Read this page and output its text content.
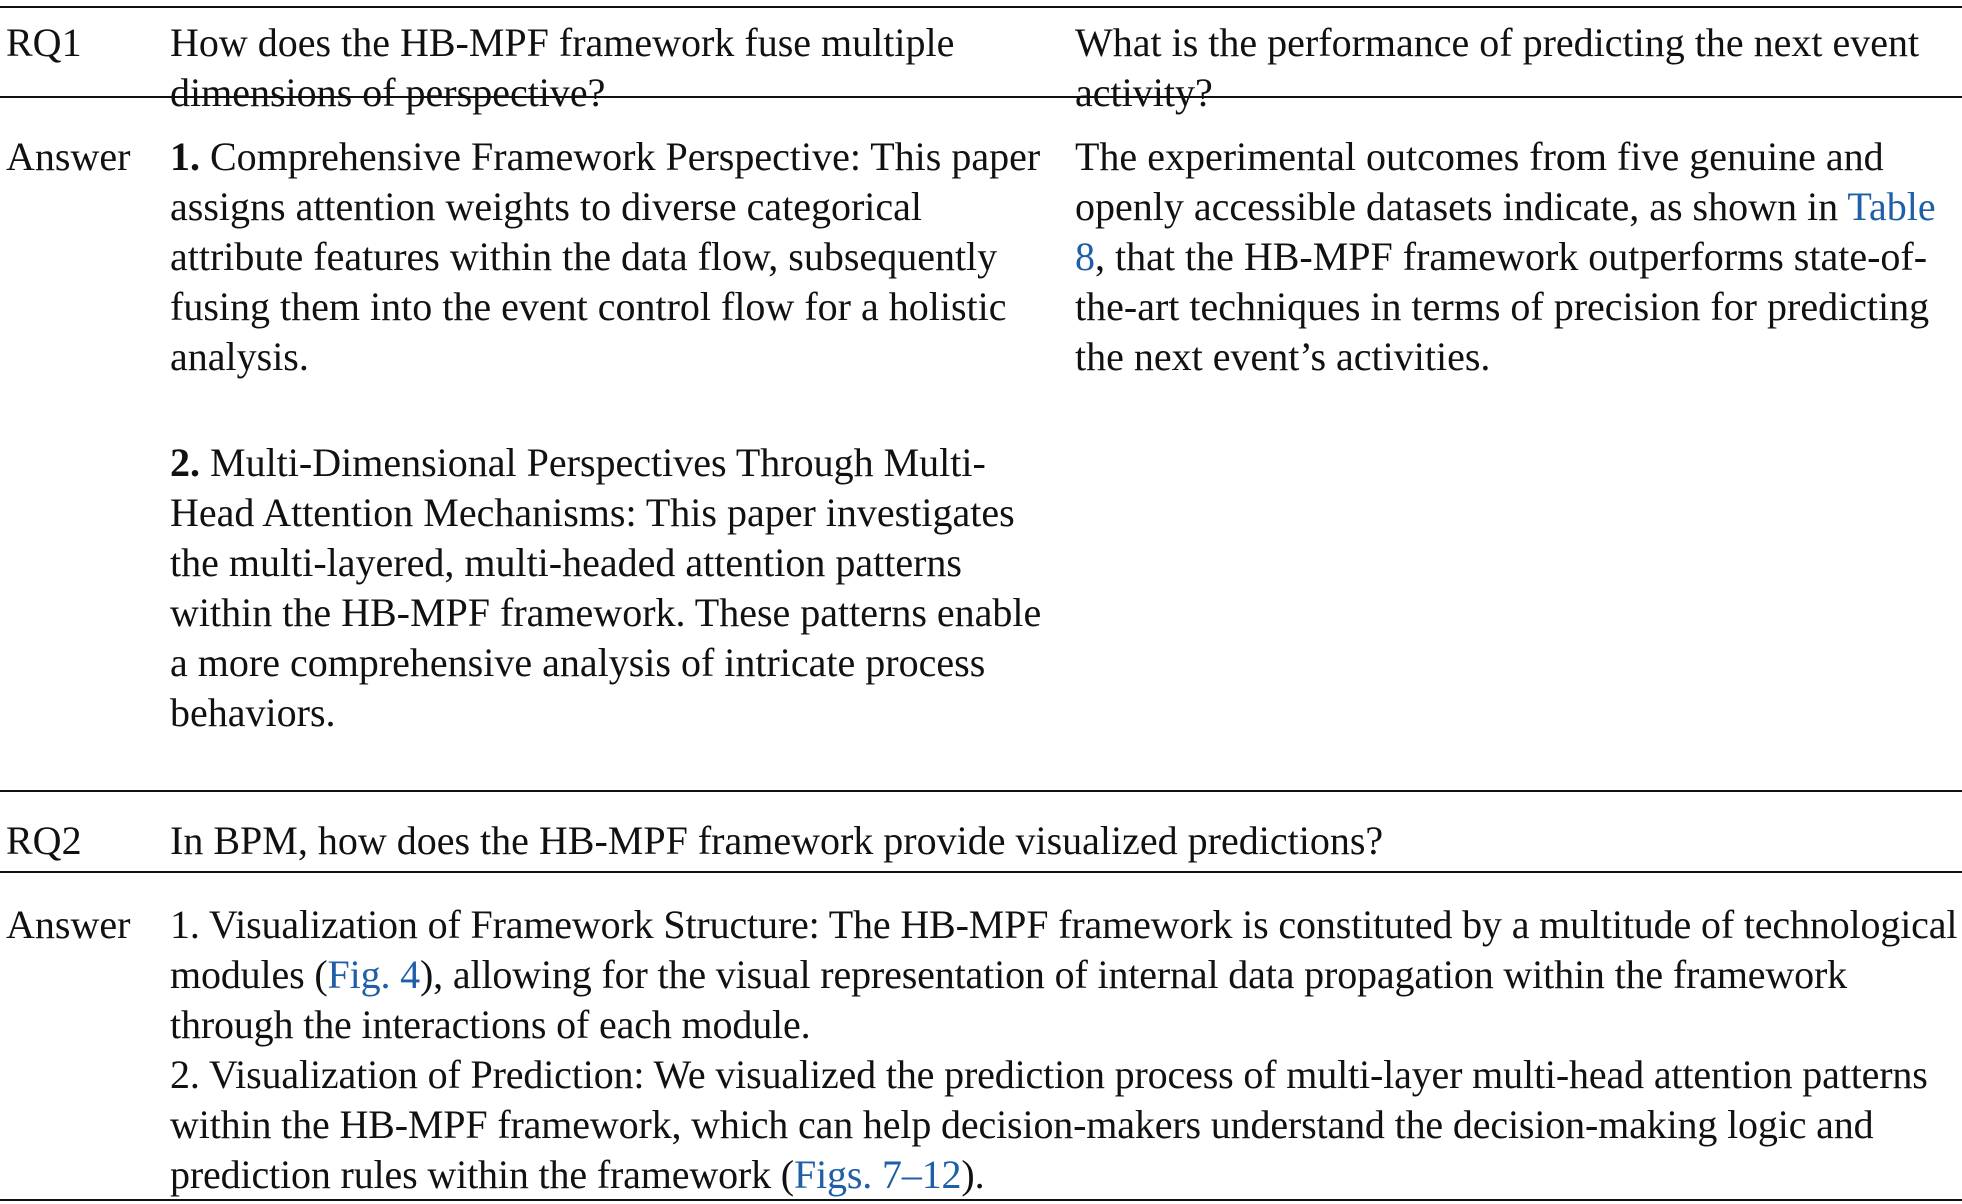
RQ1	How does the HB-MPF framework fuse multiple dimensions of perspective?
What is the performance of predicting the next event activity?
Answer 1. Comprehensive Framework Perspective: This paper assigns attention weights to diverse categorical attribute features within the data flow, subsequently fusing them into the event control flow for a holistic analysis.

2. Multi-Dimensional Perspectives Through Multi-Head Attention Mechanisms: This paper investigates the multi-layered, multi-headed attention patterns within the HB-MPF framework. These patterns enable a more comprehensive analysis of intricate process behaviors.

The experimental outcomes from five genuine and openly accessible datasets indicate, as shown in Table 8, that the HB-MPF framework outperforms state-of-the-art techniques in terms of precision for predicting the next event’s activities.

RQ2	In BPM, how does the HB-MPF framework provide visualized predictions?
Answer 1. Visualization of Framework Structure: The HB-MPF framework is constituted by a multitude of technological modules (Fig. 4), allowing for the visual representation of internal data propagation within the framework through the interactions of each module.

2. Visualization of Prediction: We visualized the prediction process of multi-layer multi-head attention patterns within the HB-MPF framework, which can help decision-makers understand the decision-making logic and prediction rules within the framework (Figs. 7–12).
